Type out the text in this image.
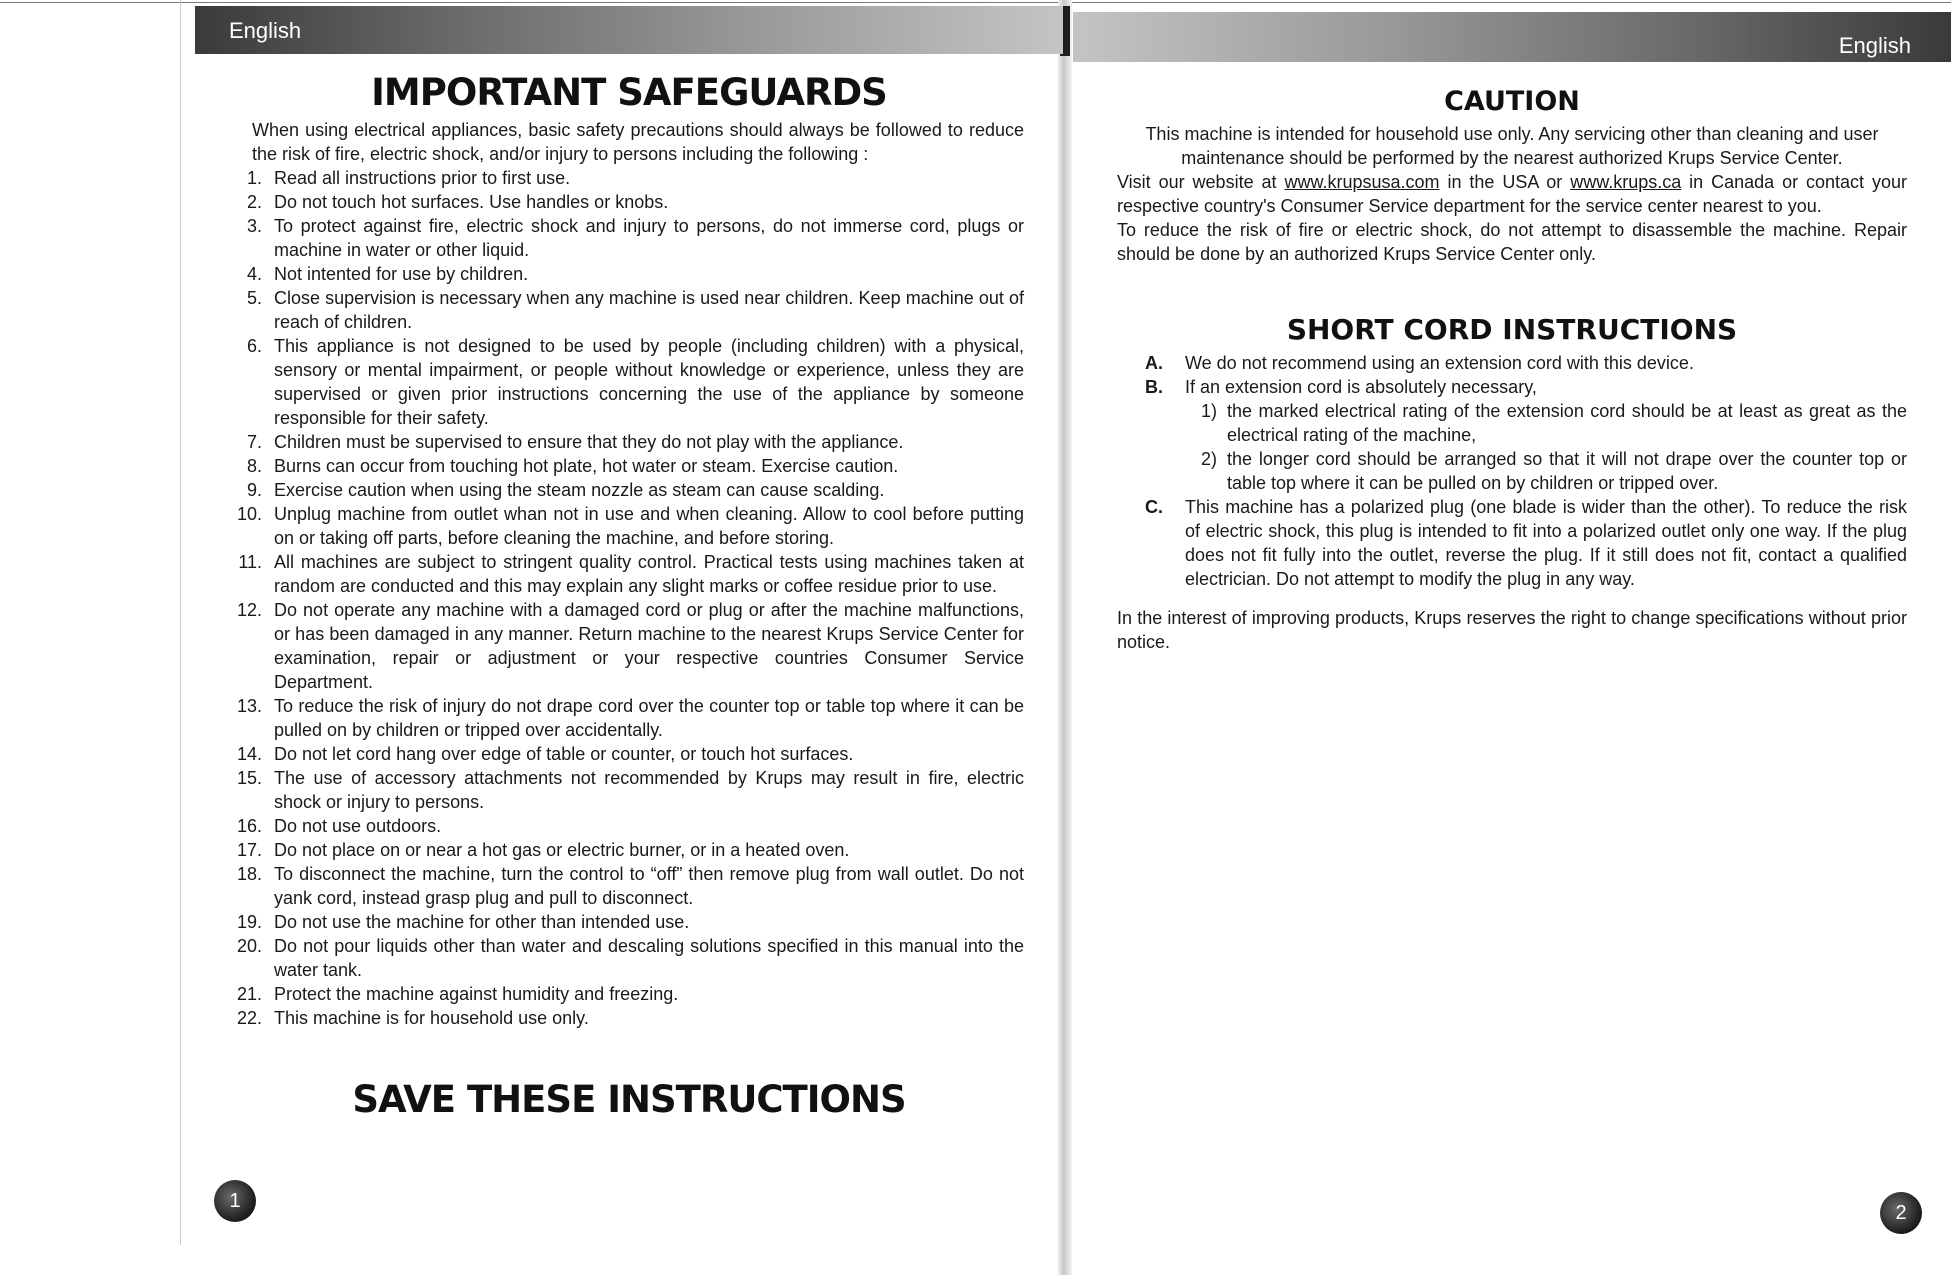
English
IMPORTANT SAFEGUARDS
When using electrical appliances, basic safety precautions should always be followed to reduce the risk of fire, electric shock, and/or injury to persons including the following :
1. Read all instructions prior to first use.
2. Do not touch hot surfaces. Use handles or knobs.
3. To protect against fire, electric shock and injury to persons, do not immerse cord, plugs or machine in water or other liquid.
4. Not intented for use by children.
5. Close supervision is necessary when any machine is used near children. Keep machine out of reach of children.
6. This appliance is not designed to be used by people (including children) with a physical, sensory or mental impairment, or people without knowledge or experience, unless they are supervised or given prior instructions concerning the use of the appliance by someone responsible for their safety.
7. Children must be supervised to ensure that they do not play with the appliance.
8. Burns can occur from touching hot plate, hot water or steam. Exercise caution.
9. Exercise caution when using the steam nozzle as steam can cause scalding.
10. Unplug machine from outlet whan not in use and when cleaning. Allow to cool before putting on or taking off parts, before cleaning the machine, and before storing.
11. All machines are subject to stringent quality control. Practical tests using machines taken at random are conducted and this may explain any slight marks or coffee residue prior to use.
12. Do not operate any machine with a damaged cord or plug or after the machine malfunctions, or has been damaged in any manner. Return machine to the nearest Krups Service Center for examination, repair or adjustment or your respective countries Consumer Service Department.
13. To reduce the risk of injury do not drape cord over the counter top or table top where it can be pulled on by children or tripped over accidentally.
14. Do not let cord hang over edge of table or counter, or touch hot surfaces.
15. The use of accessory attachments not recommended by Krups may result in fire, electric shock or injury to persons.
16. Do not use outdoors.
17. Do not place on or near a hot gas or electric burner, or in a heated oven.
18. To disconnect the machine, turn the control to “off” then remove plug from wall outlet. Do not yank cord, instead grasp plug and pull to disconnect.
19. Do not use the machine for other than intended use.
20. Do not pour liquids other than water and descaling solutions specified in this manual into the water tank.
21. Protect the machine against humidity and freezing.
22. This machine is for household use only.
SAVE THESE INSTRUCTIONS
1
English
CAUTION

This machine is intended for household use only. Any servicing other than cleaning and user maintenance should be performed by the nearest authorized Krups Service Center.

Visit our website at www.krupsusa.com in the USA or www.krups.ca in Canada or contact your respective country's Consumer Service department for the service center nearest to you.

To reduce the risk of fire or electric shock, do not attempt to disassemble the machine. Repair should be done by an authorized Krups Service Center only.

SHORT CORD INSTRUCTIONS
A. We do not recommend using an extension cord with this device.
B. If an extension cord is absolutely necessary,
1) the marked electrical rating of the extension cord should be at least as great as the electrical rating of the machine,
2) the longer cord should be arranged so that it will not drape over the counter top or table top where it can be pulled on by children or tripped over.
C. This machine has a polarized plug (one blade is wider than the other). To reduce the risk of electric shock, this plug is intended to fit into a polarized outlet only one way. If the plug does not fit fully into the outlet, reverse the plug. If it still does not fit, contact a qualified electrician. Do not attempt to modify the plug in any way.
In the interest of improving products, Krups reserves the right to change specifications without prior notice.
2
